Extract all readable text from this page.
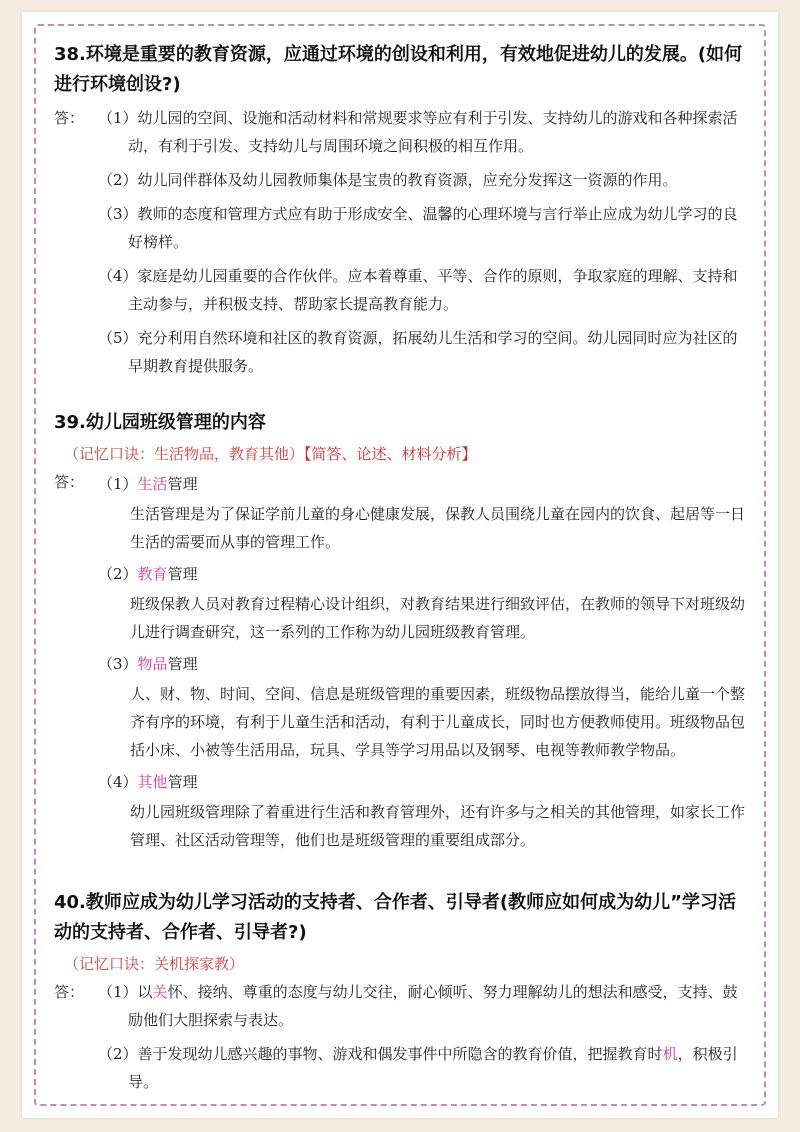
38.环境是重要的教育资源，应通过环境的创设和利用，有效地促进幼儿的发展。(如何进行环境创设?)

答： （1）幼儿园的空间、设施和活动材料和常规要求等应有利于引发、支持幼儿的游戏和各种探索活动，有利于引发、支持幼儿与周围环境之间积极的相互作用。
（2）幼儿同伴群体及幼儿园教师集体是宝贵的教育资源，应充分发挥这一资源的作用。
（3）教师的态度和管理方式应有助于形成安全、温馨的心理环境与言行举止应成为幼儿学习的良好榜样。
（4）家庭是幼儿园重要的合作伙伴。应本着尊重、平等、合作的原则，争取家庭的理解、支持和主动参与，并积极支持、帮助家长提高教育能力。
（5）充分利用自然环境和社区的教育资源，拓展幼儿生活和学习的空间。幼儿园同时应为社区的早期教育提供服务。

39.幼儿园班级管理的内容

（记忆口诀：生活物品，教育其他）【简答、论述、材料分析】

答： （1）生活管理

生活管理是为了保证学前儿童的身心健康发展，保教人员围绕儿童在园内的饮食、起居等一日生活的需要而从事的管理工作。

（2）教育管理

班级保教人员对教育过程精心设计组织，对教育结果进行细致评估，在教师的领导下对班级幼儿进行调查研究，这一系列的工作称为幼儿园班级教育管理。

（3）物品管理

人、财、物、时间、空间、信息是班级管理的重要因素，班级物品摆放得当，能给儿童一个整齐有序的环境，有利于儿童生活和活动，有利于儿童成长，同时也方便教师使用。班级物品包括小床、小被等生活用品，玩具、学具等学习用品以及钢琴、电视等教师教学物品。

（4）其他管理

幼儿园班级管理除了着重进行生活和教育管理外，还有许多与之相关的其他管理，如家长工作管理、社区活动管理等，他们也是班级管理的重要组成部分。

40.教师应成为幼儿学习活动的支持者、合作者、引导者(教师应如何成为幼儿”学习活动的支持者、合作者、引导者?)

（记忆口诀：关机探家教）

答： （1）以关怀、接纳、尊重的态度与幼儿交往，耐心倾听、努力理解幼儿的想法和感受，支持、鼓励他们大胆探索与表达。
（2）善于发现幼儿感兴趣的事物、游戏和偶发事件中所隐含的教育价值，把握教育时机，积极引导。
